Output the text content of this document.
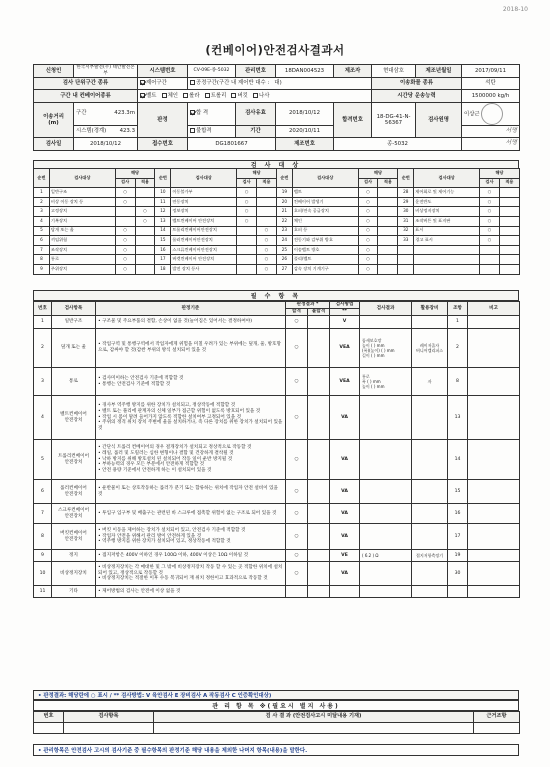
2018-10
(컨베이어)안전검사결과서
신청인	한국서부발전(주) 태안발전본부	시스템번호	CV-09E-종-5032	관리번호	18DAN004523	제조자	현대삼호	제조년월일	2017/09/11
검사 단위구간 종류		제어구간	공정구간(구간 내 제어반 대수 : 대)				이송화물 종류		석탄
구간 내 컨베이어종류		벨트 체인 롤라 트롤리 버킷 나사					시간당 운송능력		1500000 kg/h
이송거리
(m)	구간 423.3m	판정	합 격	검사유효	2018/10/12	합격번호	18-DG-41-N-56367	검사원명	이상근
	시스템(경계) 423.3		불합격	기간	2020/10/11				서명
검사일	2018/10/12	접수번호	DG1801667		제조번호	종-5032			서명
검 사 대 상
순번	검사대상	해당		순번	검사대상	해당		순번	검사대상	해당		순번	검사대상	해당	
		검사	적용			검사	적용			검사	적용			검사	적용
1	일반구조	○		10	이동불가부	○		19	벨트	○		28	제어회로 및 제어기능	○	
2	비상 이동 장치 등	○		11	연동장치	○		20	컨베이어 발생기	○		29	운전반도	○	
3	고정장치		○	12	정보장치	○		21	호퍼/연속 공급장치	○		30	비상정지장치	○	
4	기복장치		○	13	벨트컨베이어 안전장치	○		22	체인	○		31	조작버튼 및 표지판	○	
5	담개 또는 울	○		14	트롤리컨베이어안전장치		○	23	호퍼 등	○		32	표시	○	
6	끼임위험	○		15	롤러컨베이어안전장치		○	24	전동기와 감부위 방호	○		33	경고 표시	○	
7	조작장치	○		16	스크류컨베이어안전장치		○	25	이송벨트 방호	○					
8	통로	○		17	버켓컨베이어 안전장치		○	26	풀리/벨트	○					
9	주위장치	○		18	발전 장치 등사		○	27	감속 장치 기계기구	○					
필 수 항 목
번호	검사항목	판정기준	판정결과 *		검사방법	검사결과	활용장비	조항	비고
			합격	불합격	**				
1	일반구조	• 구조물 및 주요부품의 결함, 손상이 없을 것(늘어짐은 있어서는 결정하여야)	○		V			1	
2	덮개 또는 울	• 작업구역 및 통행구역에서 작업자에게 위험을 미칠 우려가 있는 부위에는 덮개, 울, 방호망으로, 감싸야 할 것(감싼 부위의 방식 설치되어 있을 것	○		VEA	틈새보호망
높이 ( ) mm
(폭)(높이) ( ) mm
길이 ( ) mm	레이저줄자
버니어캘리퍼스	2	
3	통로	• 검사미이하는 안전검사 기준에 적합할 것
• 통행는 안전검사 기준에 적합할 것	○		VEA	통로
폭 ( ) mm
높이 ( ) mm	자	8	
4	벨트컨베이어
안전장치	• 경사부 역주행 방지를 위한 장치가 설치되고, 정상작동에 적합할 것
• 벨트 또는 풀리에 관계자의 신체 일부가 접근할 위험이 없도록 방호되어 있을 것
• 작업 시 몸이 말려 들어가지 않도록 적합한 설치여부 고정되어 있을 것
• 주위의 정격 위치 장치 주변에 울을 설치하거나, 즉 다른 장치를 위한 장치가 설치되어 있을 것	○		VA			13	
5	트롤리컨베이어
안전장치	• 간단식 트롤리 컨베이어의 경우 걸개장치가 설치되고 정상적으로 작동할 것
• 레일, 롤러 및 도릴러는 심한 변형이나 결함 및 건강하게 결착될 것
• 낙하 방지를 위해 방호설치 된 설치되어 작동 일이 운반 방지될 것
• 부하능력의 경우 모든 부분에서 안전하게 적합할 것
• 안전 용량 기준에서 안전하게 하는 이 설치되어 있을 것	○		VA			14	
6	롤러컨베이어
안전장치	• 운반물이 또는 상호작동하는 롤러가 분기 또는 합류하는 위치에 작업자 안전 설비이 있을 것	○		VA			15	
7	스크루컨베이어
안전장치	• 투입구 입구부 및 배출구는 관련된 바 스크루에 접촉할 위험이 없는 구조로 되어 있을 것	○		VA			16	
8	버킷컨베이어
안전장치	• 버킷 이동을 제어하는 장치가 설치되어 있고, 안전검사 기준에 적합할 것
• 작업자 안전을 위해서 관리 방이 안전하게 있을 것
• 역주행 방지를 위한 장치가 설치되어 있고, 정상작동에 적합할 것	○		VA			17	
9	정지	• 접지저항은 400V 이하인 경우 100Ω 이하, 400V 이상은 10Ω 이하일 것	○		VE	( 6.2 ) Ω	접지저항측정기	19	
10	비상정지장치	• 비상정지장치는 각 매대한 및 그 밖에 비상정지장치 작동 할 수 있는 곳 적합한 위치에 설치되어 있고, 정상적으로 작동할 것
• 비상정지장치는 적절한 이후 수동 복귀되어 재 위치 정한이고 효과적으로 작동할 것	○		VA			30	
11	기타	• 제어방법의 검사는 안전에 이상 없을 것							
• 판정결과: 해당란에 ○ 표시 / ** 검사방법: V 육안검사 E 장비검사 A 작동검사 C 인증확인대상)
관 리 항 목 ※(필요시 별지 사용)
번호	검사항목	검 사 결 과 (안전검사고시 미달내용 기재)	근거조항

• 관리항목은 안전검사 고시의 검사기준 중 필수항목의 판정기준 해당 내용을 제외한 나머지 항목(내용)을 말한다.
